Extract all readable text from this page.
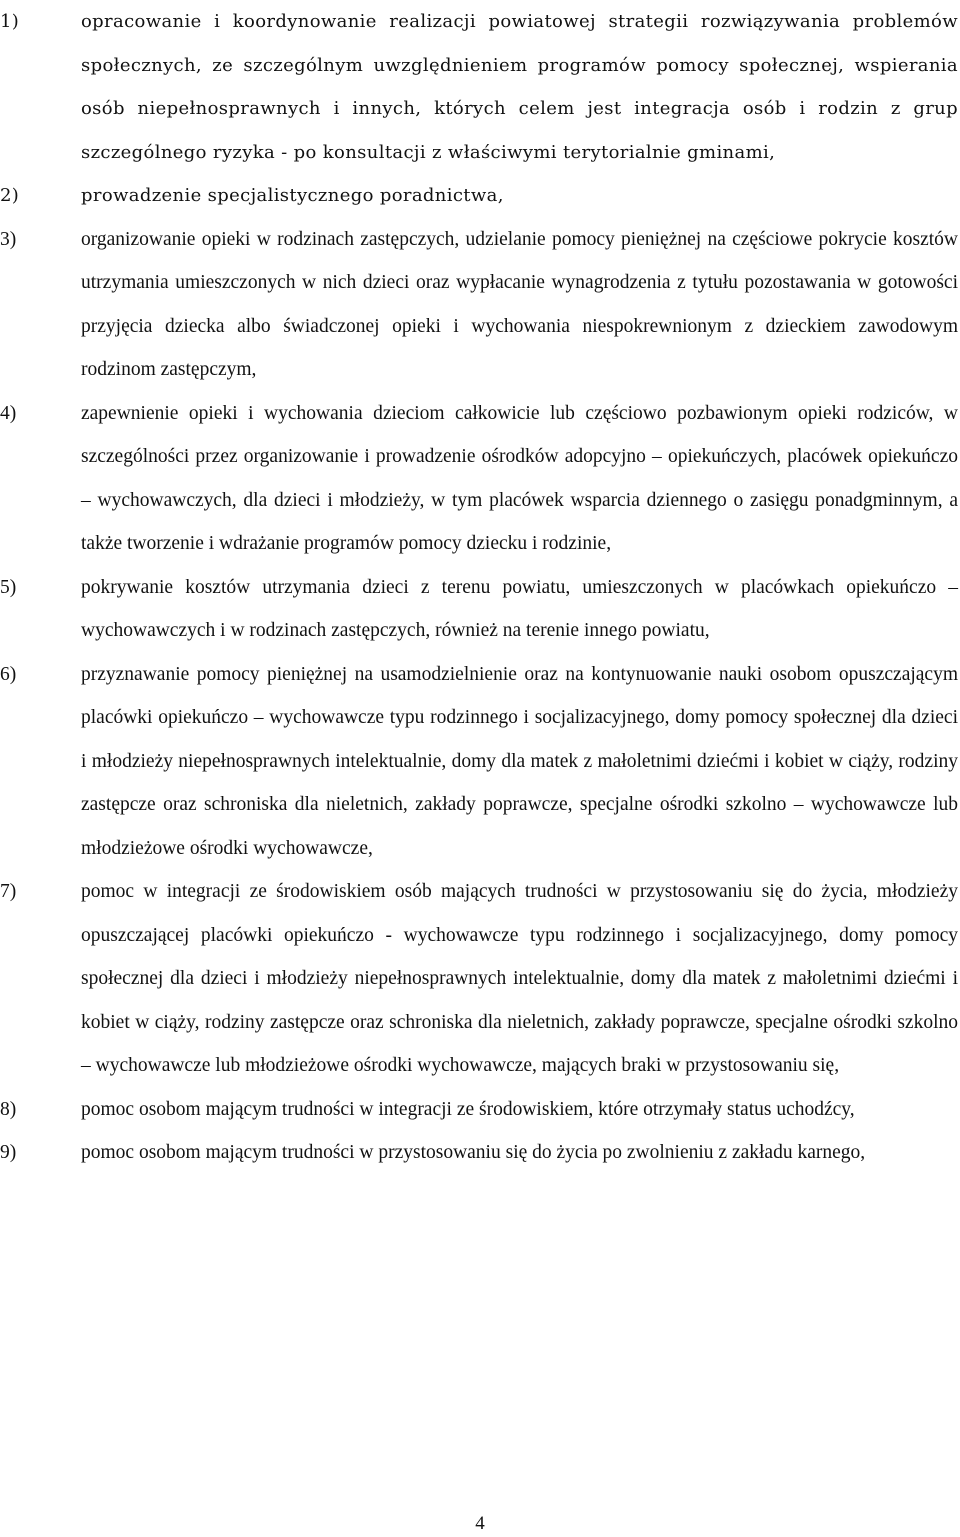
1)	opracowanie i koordynowanie realizacji powiatowej strategii rozwiązywania problemów społecznych, ze szczególnym uwzględnieniem programów pomocy społecznej, wspierania osób niepełnosprawnych i innych, których celem jest integracja osób i rodzin z grup szczególnego ryzyka - po konsultacji z właściwymi terytorialnie gminami,
2)	prowadzenie specjalistycznego poradnictwa,
3)	organizowanie opieki w rodzinach zastępczych, udzielanie pomocy pieniężnej na częściowe pokrycie kosztów utrzymania umieszczonych w nich dzieci oraz wypłacanie wynagrodzenia z tytułu pozostawania w gotowości przyjęcia dziecka albo świadczonej opieki i wychowania niespokrewnionym z dzieckiem zawodowym rodzinom zastępczym,
4)	zapewnienie opieki i wychowania dzieciom całkowicie lub częściowo pozbawionym opieki rodziców, w szczególności przez organizowanie i prowadzenie ośrodków adopcyjno – opiekuńczych, placówek opiekuńczo – wychowawczych, dla dzieci i młodzieży, w tym placówek wsparcia dziennego o zasięgu ponadgminnym, a także tworzenie i wdrażanie programów pomocy dziecku i rodzinie,
5)	pokrywanie kosztów utrzymania dzieci z terenu powiatu, umieszczonych w placówkach opiekuńczo – wychowawczych i w rodzinach zastępczych, również na terenie innego powiatu,
6)	przyznawanie pomocy pieniężnej na usamodzielnienie oraz na kontynuowanie nauki osobom opuszczającym placówki opiekuńczo – wychowawcze typu rodzinnego i socjalizacyjnego, domy pomocy społecznej dla dzieci i młodzieży niepełnosprawnych intelektualnie, domy dla matek z małoletnimi dziećmi i kobiet w ciąży, rodziny zastępcze oraz schroniska dla nieletnich, zakłady poprawcze, specjalne ośrodki szkolno – wychowawcze lub młodzieżowe ośrodki wychowawcze,
7)	pomoc w integracji ze środowiskiem osób mających trudności w przystosowaniu się do życia, młodzieży opuszczającej placówki opiekuńczo - wychowawcze typu rodzinnego i socjalizacyjnego, domy pomocy społecznej dla dzieci i młodzieży niepełnosprawnych intelektualnie, domy dla matek z małoletnimi dziećmi i kobiet w ciąży, rodziny zastępcze oraz schroniska dla nieletnich, zakłady poprawcze, specjalne ośrodki szkolno – wychowawcze lub młodzieżowe ośrodki wychowawcze, mających braki w przystosowaniu się,
8)	pomoc osobom mającym trudności w integracji ze środowiskiem, które otrzymały status uchodźcy,
9)	pomoc osobom mającym trudności w przystosowaniu się do życia po zwolnieniu z zakładu karnego,
4
